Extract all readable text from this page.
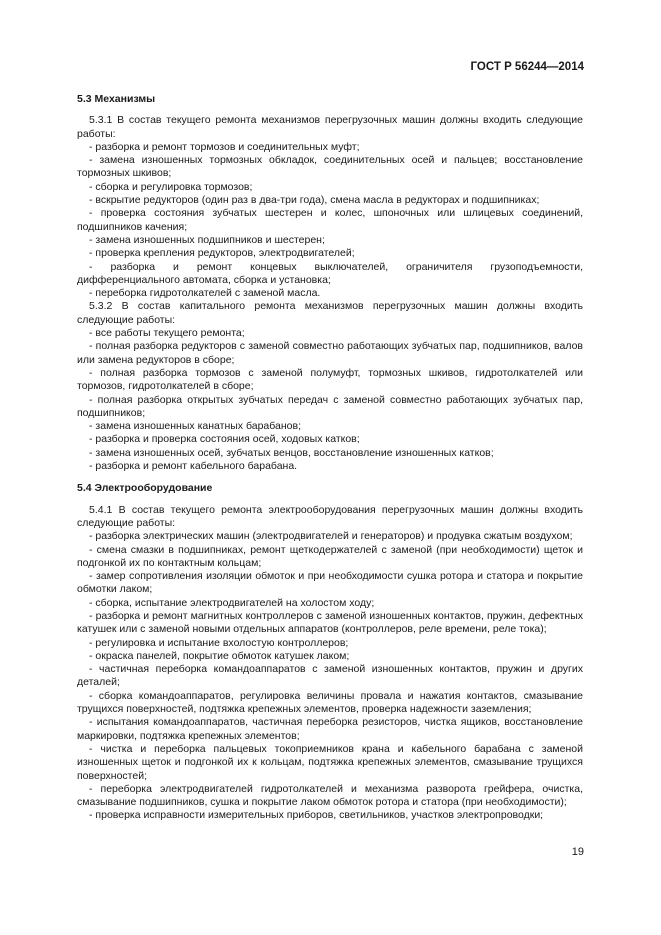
ГОСТ Р 56244—2014
5.3 Механизмы
5.3.1 В состав текущего ремонта механизмов перегрузочных машин должны входить следующие работы:
- разборка и ремонт тормозов и соединительных муфт;
- замена изношенных тормозных обкладок, соединительных осей и пальцев; восстановление тормозных шкивов;
- сборка и регулировка тормозов;
- вскрытие редукторов (один раз в два-три года), смена масла в редукторах и подшипниках;
- проверка состояния зубчатых шестерен и колес, шпоночных или шлицевых соединений, подшипников качения;
- замена изношенных подшипников и шестерен;
- проверка крепления редукторов, электродвигателей;
- разборка и ремонт концевых выключателей, ограничителя грузоподъемности, дифференциального автомата, сборка и установка;
- переборка гидротолкателей с заменой масла.
5.3.2 В состав капитального ремонта механизмов перегрузочных машин должны входить следующие работы:
- все работы текущего ремонта;
- полная разборка редукторов с заменой совместно работающих зубчатых пар, подшипников, валов или замена редукторов в сборе;
- полная разборка тормозов с заменой полумуфт, тормозных шкивов, гидротолкателей или тормозов, гидротолкателей в сборе;
- полная разборка открытых зубчатых передач с заменой совместно работающих зубчатых пар, подшипников;
- замена изношенных канатных барабанов;
- разборка и проверка состояния осей, ходовых катков;
- замена изношенных осей, зубчатых венцов, восстановление изношенных катков;
- разборка и ремонт кабельного барабана.
5.4 Электрооборудование
5.4.1 В состав текущего ремонта электрооборудования перегрузочных машин должны входить следующие работы:
- разборка электрических машин (электродвигателей и генераторов) и продувка сжатым воздухом;
- смена смазки в подшипниках, ремонт щеткодержателей с заменой (при необходимости) щеток и подгонкой их по контактным кольцам;
- замер сопротивления изоляции обмоток и при необходимости сушка ротора и статора и покрытие обмотки лаком;
- сборка, испытание электродвигателей на холостом ходу;
- разборка и ремонт магнитных контроллеров с заменой изношенных контактов, пружин, дефектных катушек или с заменой новыми отдельных аппаратов (контроллеров, реле времени, реле тока);
- регулировка и испытание вхолостую контроллеров;
- окраска панелей, покрытие обмоток катушек лаком;
- частичная переборка командоаппаратов с заменой изношенных контактов, пружин и других деталей;
- сборка командоаппаратов, регулировка величины провала и нажатия контактов, смазывание трущихся поверхностей, подтяжка крепежных элементов, проверка надежности заземления;
- испытания командоаппаратов, частичная переборка резисторов, чистка ящиков, восстановление маркировки, подтяжка крепежных элементов;
- чистка и переборка пальцевых токоприемников крана и кабельного барабана с заменой изношенных щеток и подгонкой их к кольцам, подтяжка крепежных элементов, смазывание трущихся поверхностей;
- переборка электродвигателей гидротолкателей и механизма разворота грейфера, очистка, смазывание подшипников, сушка и покрытие лаком обмоток ротора и статора (при необходимости);
- проверка исправности измерительных приборов, светильников, участков электропроводки;
19
